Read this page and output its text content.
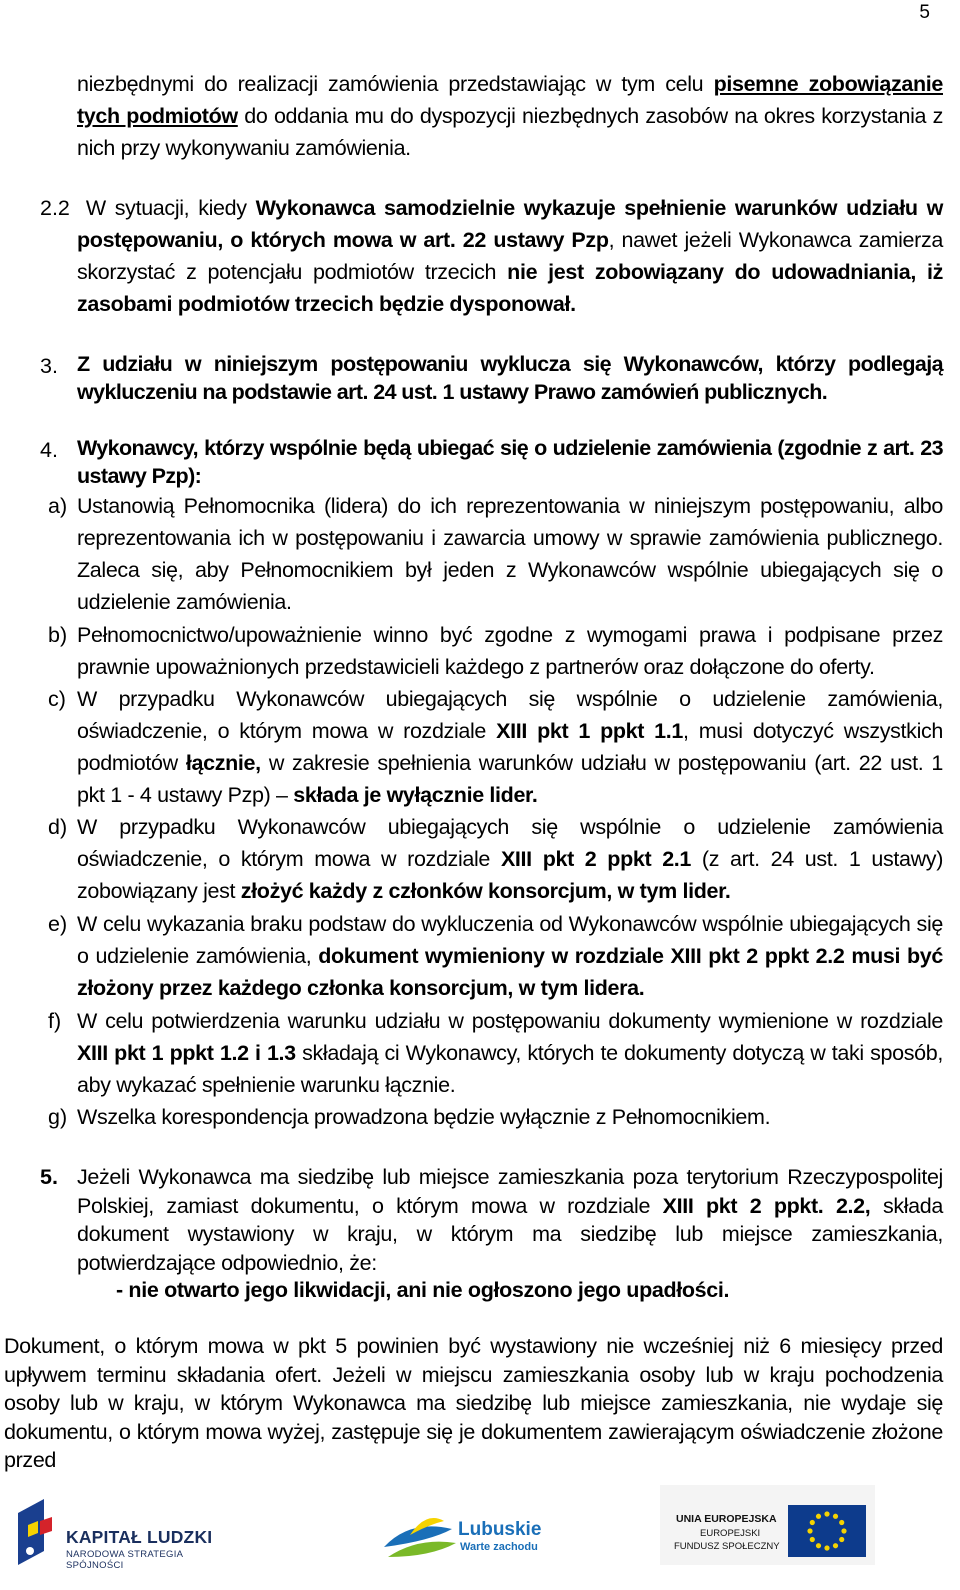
5
niezbędnymi do realizacji zamówienia przedstawiając w tym celu pisemne zobowiązanie tych podmiotów do oddania mu do dyspozycji niezbędnych zasobów na okres korzystania z nich przy wykonywaniu zamówienia.
2.2 W sytuacji, kiedy Wykonawca samodzielnie wykazuje spełnienie warunków udziału w postępowaniu, o których mowa w art. 22 ustawy Pzp, nawet jeżeli Wykonawca zamierza skorzystać z potencjału podmiotów trzecich nie jest zobowiązany do udowadniania, iż zasobami podmiotów trzecich będzie dysponował.
3. Z udziału w niniejszym postępowaniu wyklucza się Wykonawców, którzy podlegają wykluczeniu na podstawie art. 24 ust. 1 ustawy Prawo zamówień publicznych.
4. Wykonawcy, którzy wspólnie będą ubiegać się o udzielenie zamówienia (zgodnie z art. 23 ustawy Pzp):
a) Ustanowią Pełnomocnika (lidera) do ich reprezentowania w niniejszym postępowaniu, albo reprezentowania ich w postępowaniu i zawarcia umowy w sprawie zamówienia publicznego. Zaleca się, aby Pełnomocnikiem był jeden z Wykonawców wspólnie ubiegających się o udzielenie zamówienia.
b) Pełnomocnictwo/upoważnienie winno być zgodne z wymogami prawa i podpisane przez prawnie upoważnionych przedstawicieli każdego z partnerów oraz dołączone do oferty.
c) W przypadku Wykonawców ubiegających się wspólnie o udzielenie zamówienia, oświadczenie, o którym mowa w rozdziale XIII pkt 1 ppkt 1.1, musi dotyczyć wszystkich podmiotów łącznie, w zakresie spełnienia warunków udziału w postępowaniu (art. 22 ust. 1 pkt 1 - 4 ustawy Pzp) – składa je wyłącznie lider.
d) W przypadku Wykonawców ubiegających się wspólnie o udzielenie zamówienia oświadczenie, o którym mowa w rozdziale XIII pkt 2 ppkt 2.1 (z art. 24 ust. 1 ustawy) zobowiązany jest złożyć każdy z członków konsorcjum, w tym lider.
e) W celu wykazania braku podstaw do wykluczenia od Wykonawców wspólnie ubiegających się o udzielenie zamówienia, dokument wymieniony w rozdziale XIII pkt 2 ppkt 2.2 musi być złożony przez każdego członka konsorcjum, w tym lidera.
f) W celu potwierdzenia warunku udziału w postępowaniu dokumenty wymienione w rozdziale XIII pkt 1 ppkt 1.2 i 1.3 składają ci Wykonawcy, których te dokumenty dotyczą w taki sposób, aby wykazać spełnienie warunku łącznie.
g) Wszelka korespondencja prowadzona będzie wyłącznie z Pełnomocnikiem.
5. Jeżeli Wykonawca ma siedzibę lub miejsce zamieszkania poza terytorium Rzeczypospolitej Polskiej, zamiast dokumentu, o którym mowa w rozdziale XIII pkt 2 ppkt. 2.2, składa dokument wystawiony w kraju, w którym ma siedzibę lub miejsce zamieszkania, potwierdzające odpowiednio, że:
- nie otwarto jego likwidacji, ani nie ogłoszono jego upadłości.
Dokument, o którym mowa w pkt 5 powinien być wystawiony nie wcześniej niż 6 miesięcy przed upływem terminu składania ofert. Jeżeli w miejscu zamieszkania osoby lub w kraju pochodzenia osoby lub w kraju, w którym Wykonawca ma siedzibę lub miejsce zamieszkania, nie wydaje się dokumentu, o którym mowa wyżej, zastępuje się je dokumentem zawierającym oświadczenie złożone przed
KAPITAŁ LUDZKI
NARODOWA STRATEGIA SPÓJNOŚCI
Lubuskie
Warte zachodu
UNIA EUROPEJSKA
EUROPEJSKI
FUNDUSZ SPOŁECZNY
